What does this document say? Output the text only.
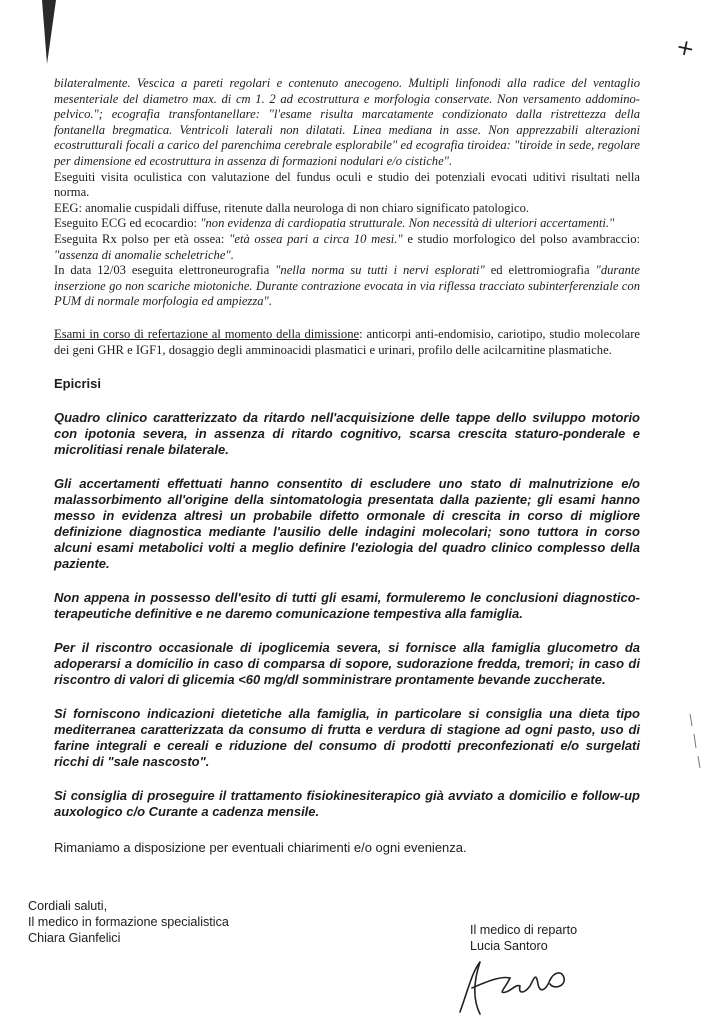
+

bilateralmente. Vescica a pareti regolari e contenuto anecogeno. Multipli linfonodi alla radice del ventaglio mesenteriale del diametro max. di cm 1. 2 ad ecostruttura e morfologia conservate. Non versamento addomino-pelvico."; ecografia transfontanellare: "l'esame risulta marcatamente condizionato dalla ristrettezza della fontanella bregmatica. Ventricoli laterali non dilatati. Linea mediana in asse. Non apprezzabili alterazioni ecostrutturali focali a carico del parenchima cerebrale esplorabile" ed ecografia tiroidea: "tiroide in sede, regolare per dimensione ed ecostruttura in assenza di formazioni nodulari e/o cistiche".

Eseguiti visita oculistica con valutazione del fundus oculi e studio dei potenziali evocati uditivi risultati nella norma.

EEG: anomalie cuspidali diffuse, ritenute dalla neurologa di non chiaro significato patologico.

Eseguito ECG ed ecocardio: "non evidenza di cardiopatia strutturale. Non necessità di ulteriori accertamenti."

Eseguita Rx polso per età ossea: "età ossea pari a circa 10 mesi." e studio morfologico del polso avambraccio: "assenza di anomalie scheletriche".

In data 12/03 eseguita elettroneurografia "nella norma su tutti i nervi esplorati" ed elettromiografia "durante inserzione go non scariche miotoniche. Durante contrazione evocata in via riflessa tracciato subinterferenziale con PUM di normale morfologia ed ampiezza".

Esami in corso di refertazione al momento della dimissione: anticorpi anti-endomisio, cariotipo, studio molecolare dei geni GHR e IGF1, dosaggio degli amminoacidi plasmatici e urinari, profilo delle acilcarnitine plasmatiche.

Epicrisi

Quadro clinico caratterizzato da ritardo nell'acquisizione delle tappe dello sviluppo motorio con ipotonia severa, in assenza di ritardo cognitivo, scarsa crescita staturo-ponderale e microlitiasi renale bilaterale.

Gli accertamenti effettuati hanno consentito di escludere uno stato di malnutrizione e/o malassorbimento all'origine della sintomatologia presentata dalla paziente; gli esami hanno messo in evidenza altresì un probabile difetto ormonale di crescita in corso di migliore definizione diagnostica mediante l'ausilio delle indagini molecolari; sono tuttora in corso alcuni esami metabolici volti a meglio definire l'eziologia del quadro clinico complesso della paziente.

Non appena in possesso dell'esito di tutti gli esami, formuleremo le conclusioni diagnostico-terapeutiche definitive e ne daremo comunicazione tempestiva alla famiglia.

Per il riscontro occasionale di ipoglicemia severa, si fornisce alla famiglia glucometro da adoperarsi a domicilio in caso di comparsa di sopore, sudorazione fredda, tremori; in caso di riscontro di valori di glicemia <60 mg/dl somministrare prontamente bevande zuccherate.

Si forniscono indicazioni dietetiche alla famiglia, in particolare si consiglia una dieta tipo mediterranea caratterizzata da consumo di frutta e verdura di stagione ad ogni pasto, uso di farine integrali e cereali e riduzione del consumo di prodotti preconfezionati e/o surgelati ricchi di "sale nascosto".

Si consiglia di proseguire il trattamento fisiokinesiterapico già avviato a domicilio e follow-up auxologico c/o Curante a cadenza mensile.

Rimaniamo a disposizione per eventuali chiarimenti e/o ogni evenienza.

Cordiali saluti,
Il medico in formazione specialistica
Chiara Gianfelici
Il medico di reparto
Lucia Santoro
